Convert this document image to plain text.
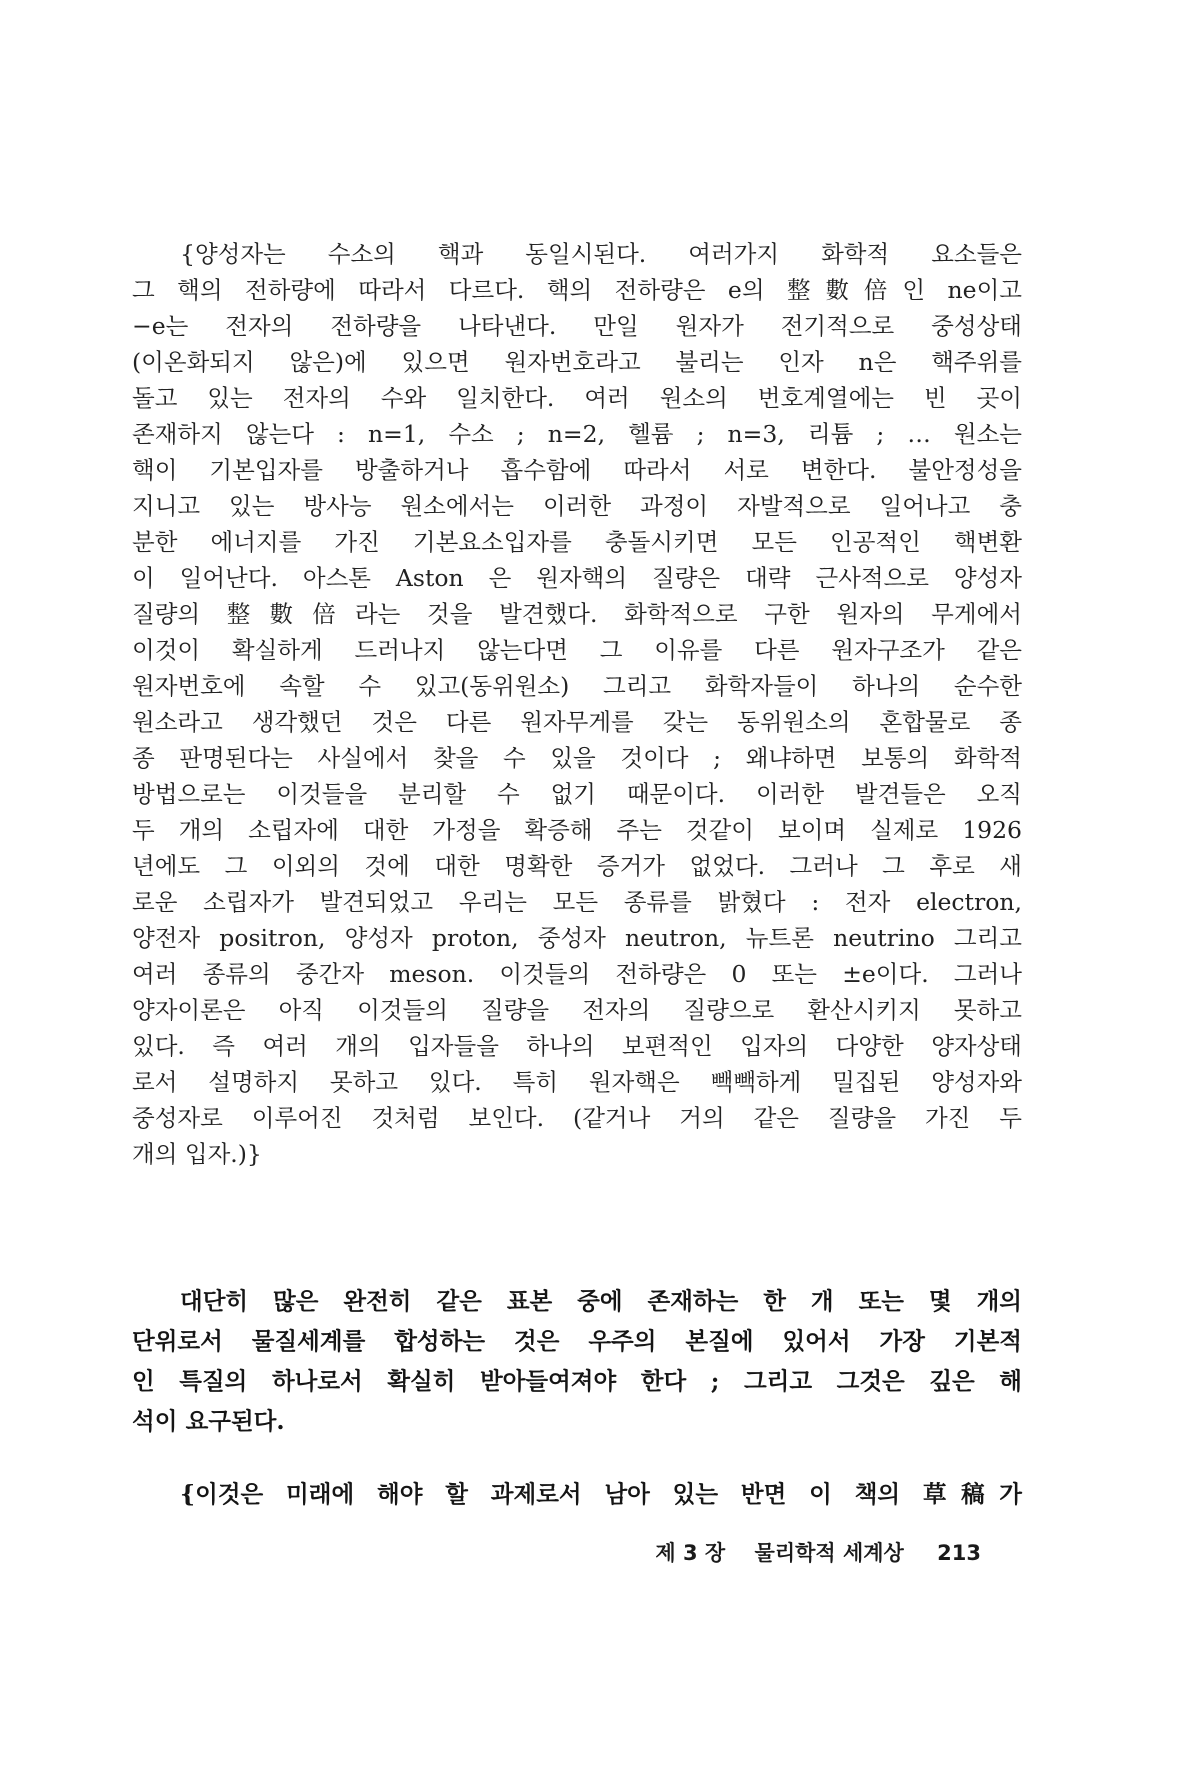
{양성자는 수소의 핵과 동일시된다. 여러가지 화학적 요소들은

그 핵의 전하량에 따라서 다르다. 핵의 전하량은 e의 整數倍인 ne이고

−e는 전자의 전하량을 나타낸다. 만일 원자가 전기적으로 중성상태

(이온화되지 않은)에 있으면 원자번호라고 불리는 인자 n은 핵주위를

돌고 있는 전자의 수와 일치한다. 여러 원소의 번호계열에는 빈 곳이

존재하지 않는다 : n=1, 수소 ; n=2, 헬륨 ; n=3, 리튬 ; … 원소는

핵이 기본입자를 방출하거나 흡수함에 따라서 서로 변한다. 불안정성을

지니고 있는 방사능 원소에서는 이러한 과정이 자발적으로 일어나고 충

분한 에너지를 가진 기본요소입자를 충돌시키면 모든 인공적인 핵변환

이 일어난다. 아스톤 Aston 은 원자핵의 질량은 대략 근사적으로 양성자

질량의 整數倍라는 것을 발견했다. 화학적으로 구한 원자의 무게에서

이것이 확실하게 드러나지 않는다면 그 이유를 다른 원자구조가 같은

원자번호에 속할 수 있고(동위원소) 그리고 화학자들이 하나의 순수한

원소라고 생각했던 것은 다른 원자무게를 갖는 동위원소의 혼합물로 종

종 판명된다는 사실에서 찾을 수 있을 것이다 ; 왜냐하면 보통의 화학적

방법으로는 이것들을 분리할 수 없기 때문이다. 이러한 발견들은 오직

두 개의 소립자에 대한 가정을 확증해 주는 것같이 보이며 실제로 1926

년에도 그 이외의 것에 대한 명확한 증거가 없었다. 그러나 그 후로 새

로운 소립자가 발견되었고 우리는 모든 종류를 밝혔다 : 전자 electron,

양전자 positron, 양성자 proton, 중성자 neutron, 뉴트론 neutrino 그리고

여러 종류의 중간자 meson. 이것들의 전하량은 0 또는 ±e이다. 그러나

양자이론은 아직 이것들의 질량을 전자의 질량으로 환산시키지 못하고

있다. 즉 여러 개의 입자들을 하나의 보편적인 입자의 다양한 양자상태

로서 설명하지 못하고 있다. 특히 원자핵은 빽빽하게 밀집된 양성자와

중성자로 이루어진 것처럼 보인다. (같거나 거의 같은 질량을 가진 두

개의 입자.)}

대단히 많은 완전히 같은 표본 중에 존재하는 한 개 또는 몇 개의

단위로서 물질세계를 합성하는 것은 우주의 본질에 있어서 가장 기본적

인 특질의 하나로서 확실히 받아들여져야 한다 ; 그리고 그것은 깊은 해

석이 요구된다.

{이것은 미래에 해야 할 과제로서 남아 있는 반면 이 책의 草稿가

제 3 장 물리학적 세계상 213
